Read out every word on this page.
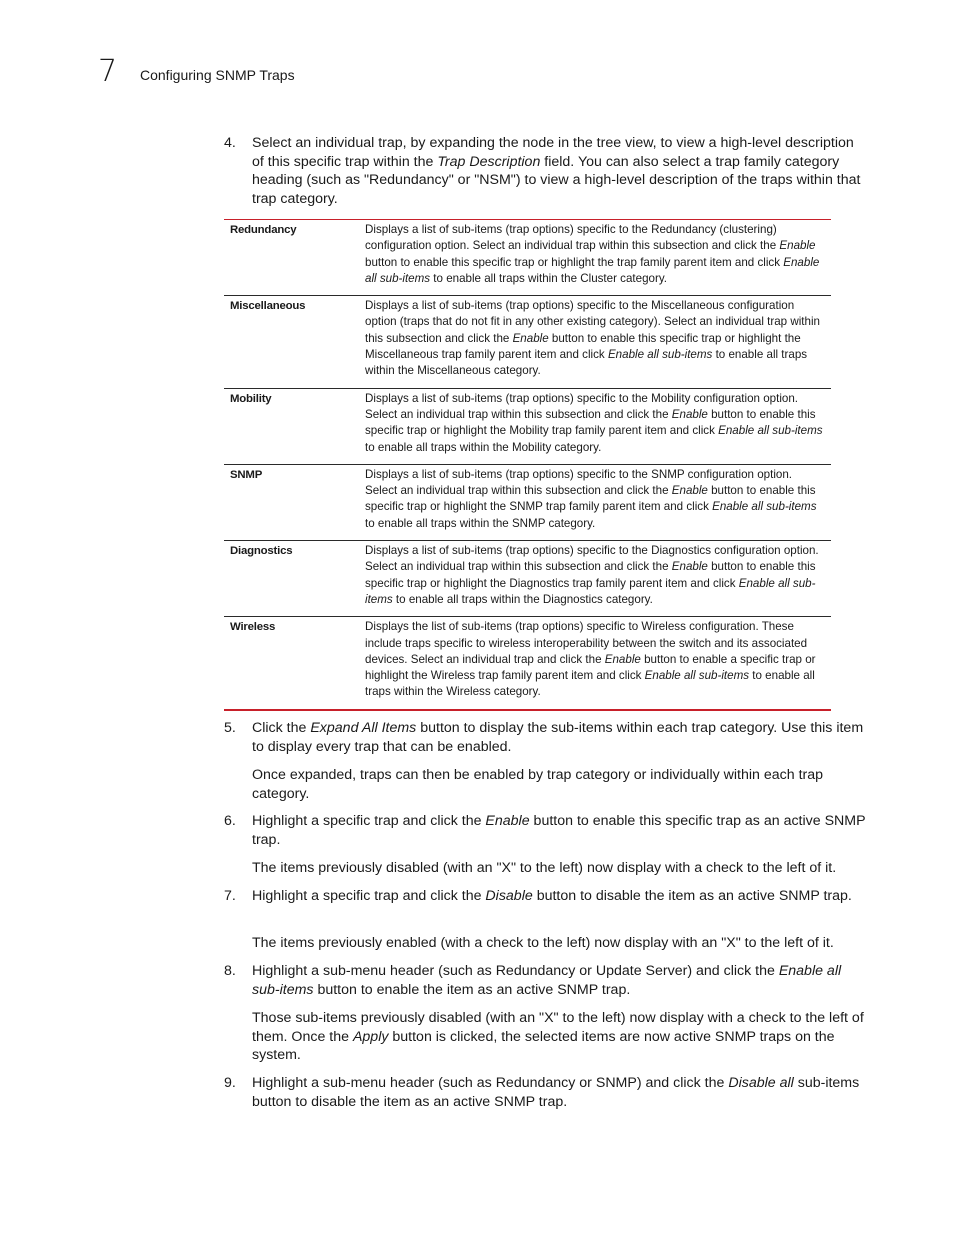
7 Configuring SNMP Traps
4. Select an individual trap, by expanding the node in the tree view, to view a high-level description of this specific trap within the Trap Description field. You can also select a trap family category heading (such as "Redundancy" or "NSM") to view a high-level description of the traps within that trap category.
Redundancy	Displays a list of sub-items (trap options) specific to the Redundancy (clustering) configuration option. Select an individual trap within this subsection and click the Enable button to enable this specific trap or highlight the trap family parent item and click Enable all sub-items to enable all traps within the Cluster category.
Miscellaneous	Displays a list of sub-items (trap options) specific to the Miscellaneous configuration option (traps that do not fit in any other existing category). Select an individual trap within this subsection and click the Enable button to enable this specific trap or highlight the Miscellaneous trap family parent item and click Enable all sub-items to enable all traps within the Miscellaneous category.
Mobility	Displays a list of sub-items (trap options) specific to the Mobility configuration option. Select an individual trap within this subsection and click the Enable button to enable this specific trap or highlight the Mobility trap family parent item and click Enable all sub-items to enable all traps within the Mobility category.
SNMP	Displays a list of sub-items (trap options) specific to the SNMP configuration option. Select an individual trap within this subsection and click the Enable button to enable this specific trap or highlight the SNMP trap family parent item and click Enable all sub-items to enable all traps within the SNMP category.
Diagnostics	Displays a list of sub-items (trap options) specific to the Diagnostics configuration option. Select an individual trap within this subsection and click the Enable button to enable this specific trap or highlight the Diagnostics trap family parent item and click Enable all sub-items to enable all traps within the Diagnostics category.
Wireless	Displays the list of sub-items (trap options) specific to Wireless configuration. These include traps specific to wireless interoperability between the switch and its associated devices. Select an individual trap and click the Enable button to enable a specific trap or highlight the Wireless trap family parent item and click Enable all sub-items to enable all traps within the Wireless category.
5. Click the Expand All Items button to display the sub-items within each trap category. Use this item to display every trap that can be enabled.
Once expanded, traps can then be enabled by trap category or individually within each trap category.
6. Highlight a specific trap and click the Enable button to enable this specific trap as an active SNMP trap.
The items previously disabled (with an "X" to the left) now display with a check to the left of it.
7. Highlight a specific trap and click the Disable button to disable the item as an active SNMP trap.
The items previously enabled (with a check to the left) now display with an "X" to the left of it.
8. Highlight a sub-menu header (such as Redundancy or Update Server) and click the Enable all sub-items button to enable the item as an active SNMP trap.
Those sub-items previously disabled (with an "X" to the left) now display with a check to the left of them. Once the Apply button is clicked, the selected items are now active SNMP traps on the system.
9. Highlight a sub-menu header (such as Redundancy or SNMP) and click the Disable all sub-items button to disable the item as an active SNMP trap.
